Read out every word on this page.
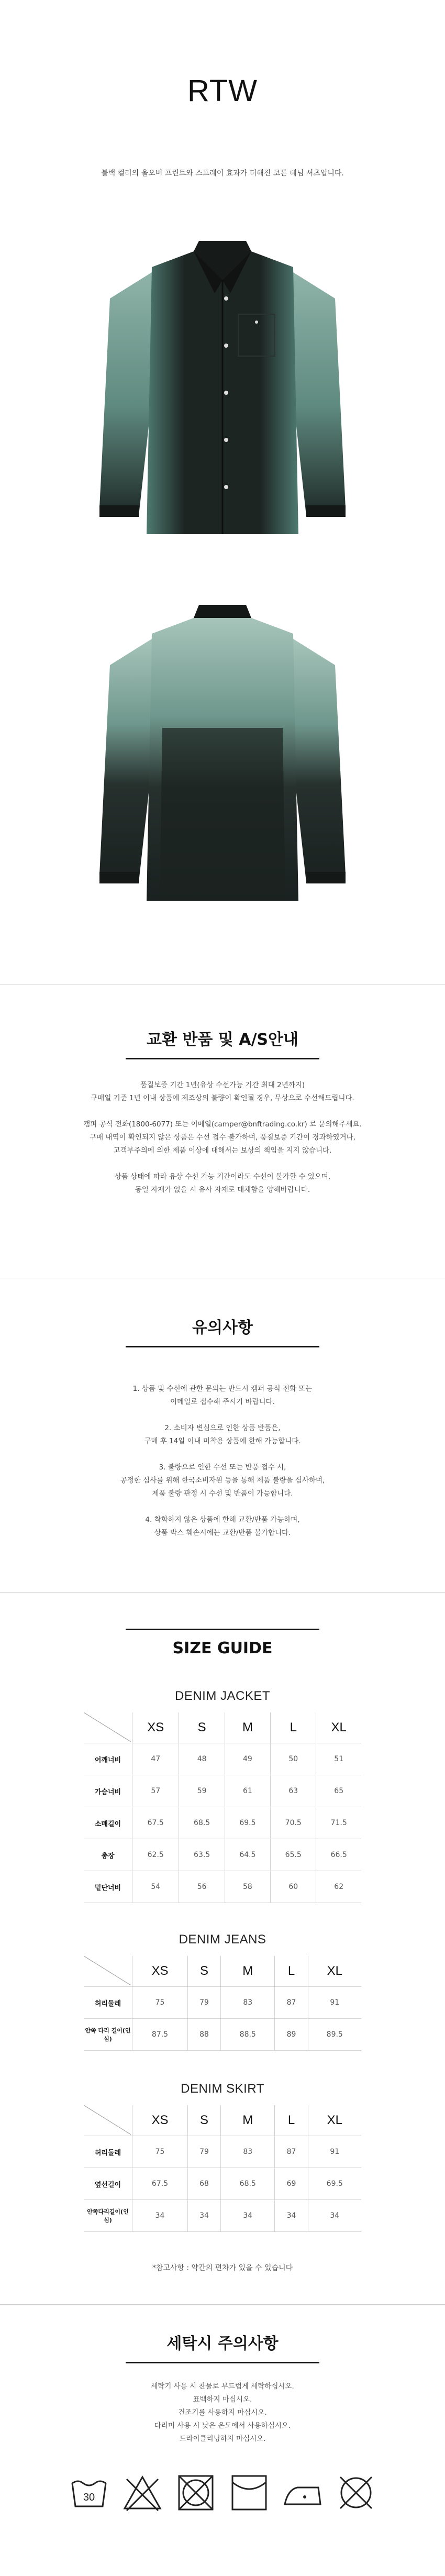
RTW
블랙 컬러의 올오버 프린트와 스프레이 효과가 더해진 코튼 데님 셔츠입니다.
교환 반품 및 A/S안내
품질보증 기간 1년(유상 수선가능 기간 최대 2년까지)
구매일 기준 1년 이내 상품에 제조상의 불량이 확인될 경우, 무상으로 수선해드립니다.
캠퍼 공식 전화(1800-6077) 또는 이메일(camper@bnftrading.co.kr) 로 문의해주세요.
구매 내역이 확인되지 않은 상품은 수선 접수 불가하며, 품질보증 기간이 경과하였거나,
고객부주의에 의한 제품 이상에 대해서는 보상의 책임을 지지 않습니다.
상품 상태에 따라 유상 수선 가능 기간이라도 수선이 불가할 수 있으며,
동일 자재가 없을 시 유사 자재로 대체함을 양해바랍니다.
유의사항
1. 상품 및 수선에 관한 문의는 반드시 캠퍼 공식 전화 또는
이메일로 접수해 주시기 바랍니다.
2. 소비자 변심으로 인한 상품 반품은,
구매 후 14일 이내 미착용 상품에 한해 가능합니다.
3. 불량으로 인한 수선 또는 반품 접수 시,
공정한 심사를 위해 한국소비자원 등을 통해 제품 불량을 심사하며,
제품 불량 판정 시 수선 및 반품이 가능합니다.
4. 착화하지 않은 상품에 한해 교환/반품 가능하며,
상품 박스 훼손시에는 교환/반품 불가합니다.
SIZE GUIDE
DENIM JACKET
	XS	S	M	L	XL
어깨너비	47	48	49	50	51
가슴너비	57	59	61	63	65
소매길이	67.5	68.5	69.5	70.5	71.5
총장	62.5	63.5	64.5	65.5	66.5
밑단너비	54	56	58	60	62
DENIM JEANS
	XS	S	M	L	XL
허리둘레	75	79	83	87	91
안쪽 다리 길이(인심)	87.5	88	88.5	89	89.5
DENIM SKIRT
	XS	S	M	L	XL
허리둘레	75	79	83	87	91
옆선길이	67.5	68	68.5	69	69.5
안쪽다리길이(인심)	34	34	34	34	34
*참고사항 : 약간의 편차가 있을 수 있습니다
세탁시 주의사항
세탁기 사용 시 찬물로 부드럽게 세탁하십시오.
표백하지 마십시오.
건조기를 사용하지 마십시오.
다리미 사용 시 낮은 온도에서 사용하십시오.
드라이클리닝하지 마십시오.
30
